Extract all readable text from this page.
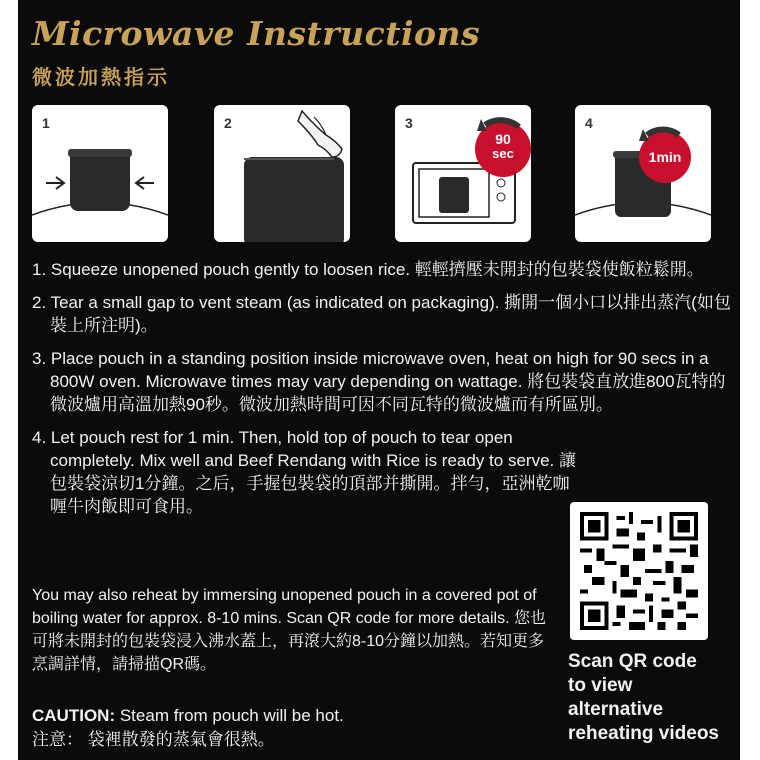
Microwave Instructions
微波加熱指示
1	2	3
90
sec
4
1min
1. Squeeze unopened pouch gently to loosen rice. 輕輕擠壓未開封的包裝袋使飯粒鬆開。
2. Tear a small gap to vent steam (as indicated on packaging). 撕開一個小口以排出蒸汽(如包裝上所注明)。
3. Place pouch in a standing position inside microwave oven, heat on high for 90 secs in a 800W oven. Microwave times may vary depending on wattage. 將包裝袋直放進800瓦特的微波爐用高溫加熱90秒。微波加熱時間可因不同瓦特的微波爐而有所區別。
4. Let pouch rest for 1 min. Then, hold top of pouch to tear open completely. Mix well and Beef Rendang with Rice is ready to serve. 讓包裝袋涼切1分鐘。之后，手握包裝袋的頂部并撕開。拌勻，亞洲乾咖喱牛肉飯即可食用。
You may also reheat by immersing unopened pouch in a covered pot of boiling water for approx. 8-10 mins. Scan QR code for more details. 您也可將未開封的包裝袋浸入沸水蓋上，再滾大約8-10分鐘以加熱。若知更多烹調詳情，請掃描QR碼。
CAUTION: Steam from pouch will be hot.
注意： 袋裡散發的蒸氣會很熱。
Scan QR code
to view
alternative
reheating videos
